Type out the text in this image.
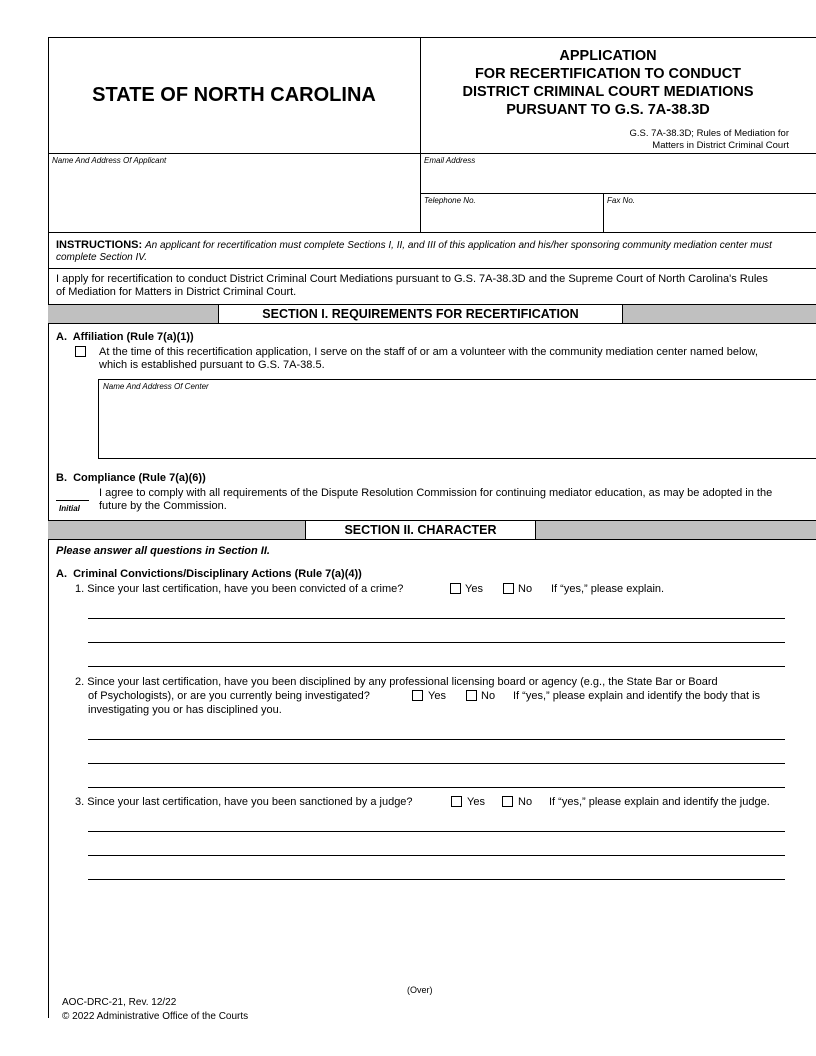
STATE OF NORTH CAROLINA
APPLICATION
FOR RECERTIFICATION TO CONDUCT
DISTRICT CRIMINAL COURT MEDIATIONS
PURSUANT TO G.S. 7A-38.3D
G.S. 7A-38.3D; Rules of Mediation for
Matters in District Criminal Court
Name And Address Of Applicant	Email Address
Telephone No.	Fax No.
INSTRUCTIONS: An applicant for recertification must complete Sections I, II, and III of this application and his/her sponsoring community mediation center must complete Section IV.
I apply for recertification to conduct District Criminal Court Mediations pursuant to G.S. 7A-38.3D and the Supreme Court of North Carolina's Rules of Mediation for Matters in District Criminal Court.
SECTION I. REQUIREMENTS FOR RECERTIFICATION
A.  Affiliation (Rule 7(a)(1))
At the time of this recertification application, I serve on the staff of or am a volunteer with the community mediation center named below, which is established pursuant to G.S. 7A-38.5.
Name And Address Of Center
B.  Compliance (Rule 7(a)(6))
I agree to comply with all requirements of the Dispute Resolution Commission for continuing mediator education, as may be adopted in the future by the Commission.
Initial
SECTION II. CHARACTER
Please answer all questions in Section II.
A.  Criminal Convictions/Disciplinary Actions (Rule 7(a)(4))
1. Since your last certification, have you been convicted of a crime?	Yes	No If “yes,” please explain.
2. Since your last certification, have you been disciplined by any professional licensing board or agency (e.g., the State Bar or Board
of Psychologists), or are you currently being investigated?	Yes	No If “yes,” please explain and identify the body that is
investigating you or has disciplined you.
3. Since your last certification, have you been sanctioned by a judge?	Yes	No If “yes,” please explain and identify the judge.
(Over)
AOC-DRC-21, Rev. 12/22
© 2022 Administrative Office of the Courts
